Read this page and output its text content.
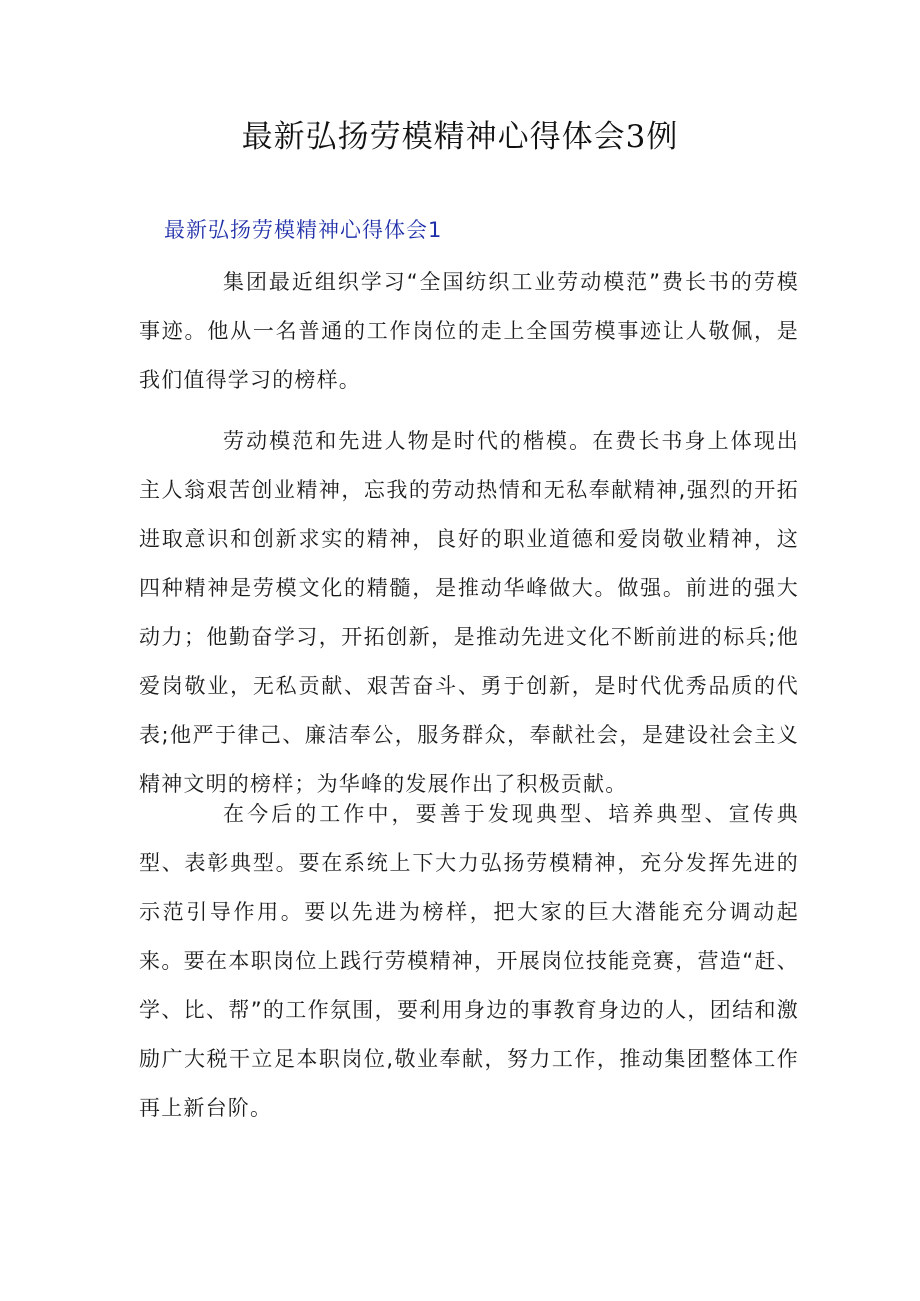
最新弘扬劳模精神心得体会3例
最新弘扬劳模精神心得体会1

集团最近组织学习“全国纺织工业劳动模范”费长书的劳模事迹。他从一名普通的工作岗位的走上全国劳模事迹让人敬佩，是我们值得学习的榜样。

劳动模范和先进人物是时代的楷模。在费长书身上体现出主人翁艰苦创业精神，忘我的劳动热情和无私奉献精神,强烈的开拓进取意识和创新求实的精神，良好的职业道德和爱岗敬业精神，这四种精神是劳模文化的精髓，是推动华峰做大。做强。前进的强大动力；他勤奋学习，开拓创新，是推动先进文化不断前进的标兵;他爱岗敬业，无私贡献、艰苦奋斗、勇于创新，是时代优秀品质的代表;他严于律己、廉洁奉公，服务群众，奉献社会，是建设社会主义精神文明的榜样；为华峰的发展作出了积极贡献。

在今后的工作中，要善于发现典型、培养典型、宣传典型、表彰典型。要在系统上下大力弘扬劳模精神，充分发挥先进的示范引导作用。要以先进为榜样，把大家的巨大潜能充分调动起来。要在本职岗位上践行劳模精神，开展岗位技能竞赛，营造“赶、学、比、帮”的工作氛围，要利用身边的事教育身边的人，团结和激励广大税干立足本职岗位,敬业奉献，努力工作，推动集团整体工作再上新台阶。
